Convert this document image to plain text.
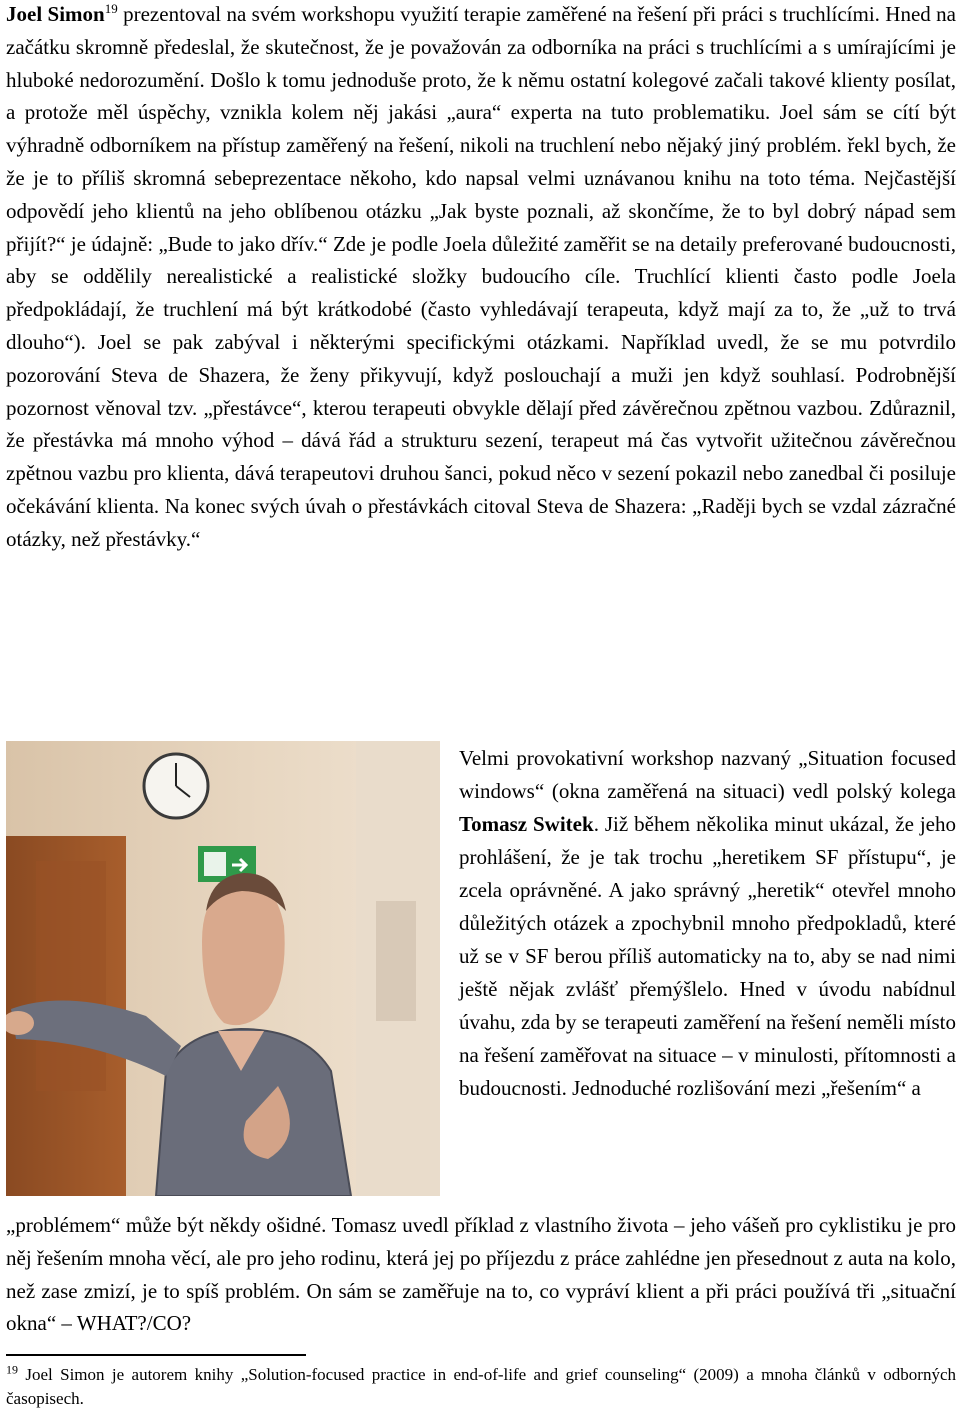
Joel Simon$^{19}$ prezentoval na svém workshopu využití terapie zaměřené na řešení při práci s truchlícími. Hned na začátku skromně předeslal, že skutečnost, že je považován za odborníka na práci s truchlícími a s umírajícími je hluboké nedorozumění. Došlo k tomu jednoduše proto, že k němu ostatní kolegové začali takové klienty posílat, a protože měl úspěchy, vznikla kolem něj jakási „aura“ experta na tuto problematiku. Joel sám se cítí být výhradně odborníkem na přístup zaměřený na řešení, nikoli na truchlení nebo nějaký jiný problém. řekl bych, že že je to příliš skromná sebeprezentace někoho, kdo napsal velmi uznávanou knihu na toto téma. Nejčastější odpovědí jeho klientů na jeho oblíbenou otázku „Jak byste poznali, až skončíme, že to byl dobrý nápad sem přijít?“ je údajně: „Bude to jako dřív.“ Zde je podle Joela důležité zaměřit se na detaily preferované budoucnosti, aby se oddělily nerealistické a realistické složky budoucího cíle. Truchlící klienti často podle Joela předpokládají, že truchlení má být krátkodobé (často vyhledávají terapeuta, když mají za to, že „už to trvá dlouho“). Joel se pak zabýval i některými specifickými otázkami. Například uvedl, že se mu potvrdilo pozorování Steva de Shazera, že ženy přikyvují, když poslouchají a muži jen když souhlasí. Podrobnější pozornost věnoval tzv. „přestávce“, kterou terapeuti obvykle dělají před závěrečnou zpětnou vazbou. Zdůraznil, že přestávka má mnoho výhod – dává řád a strukturu sezení, terapeut má čas vytvořit užitečnou závěrečnou zpětnou vazbu pro klienta, dává terapeutovi druhou šanci, pokud něco v sezení pokazil nebo zanedbal či posiluje očekávání klienta. Na konec svých úvah o přestávkách citoval Steva de Shazera: „Raději bych se vzdal zázračné otázky, než přestávky.“
Velmi provokativní workshop nazvaný „Situation focused windows“ (okna zaměřená na situaci) vedl polský kolega Tomasz Switek. Již během několika minut ukázal, že jeho prohlášení, že je tak trochu „heretikem SF přístupu“, je zcela oprávněné. A jako správný „heretik“ otevřel mnoho důležitých otázek a zpochybnil mnoho předpokladů, které už se v SF berou příliš automaticky na to, aby se nad nimi ještě nějak zvlášť přemýšlelo. Hned v úvodu nabídnul úvahu, zda by se terapeuti zaměření na řešení neměli místo na řešení zaměřovat na situace – v minulosti, přítomnosti a budoucnosti. Jednoduché rozlišování mezi „řešením“ a
„problémem“ může být někdy ošidné. Tomasz uvedl příklad z vlastního života – jeho vášeň pro cyklistiku je pro něj řešením mnoha věcí, ale pro jeho rodinu, která jej po příjezdu z práce zahlédne jen přesednout z auta na kolo, než zase zmizí, je to spíš problém. On sám se zaměřuje na to, co vypráví klient a při práci používá tři „situační okna“ – WHAT?/CO?
$^{19}$ Joel Simon je autorem knihy „Solution-focused practice in end-of-life and grief counseling“ (2009) a mnoha článků v odborných časopisech.
